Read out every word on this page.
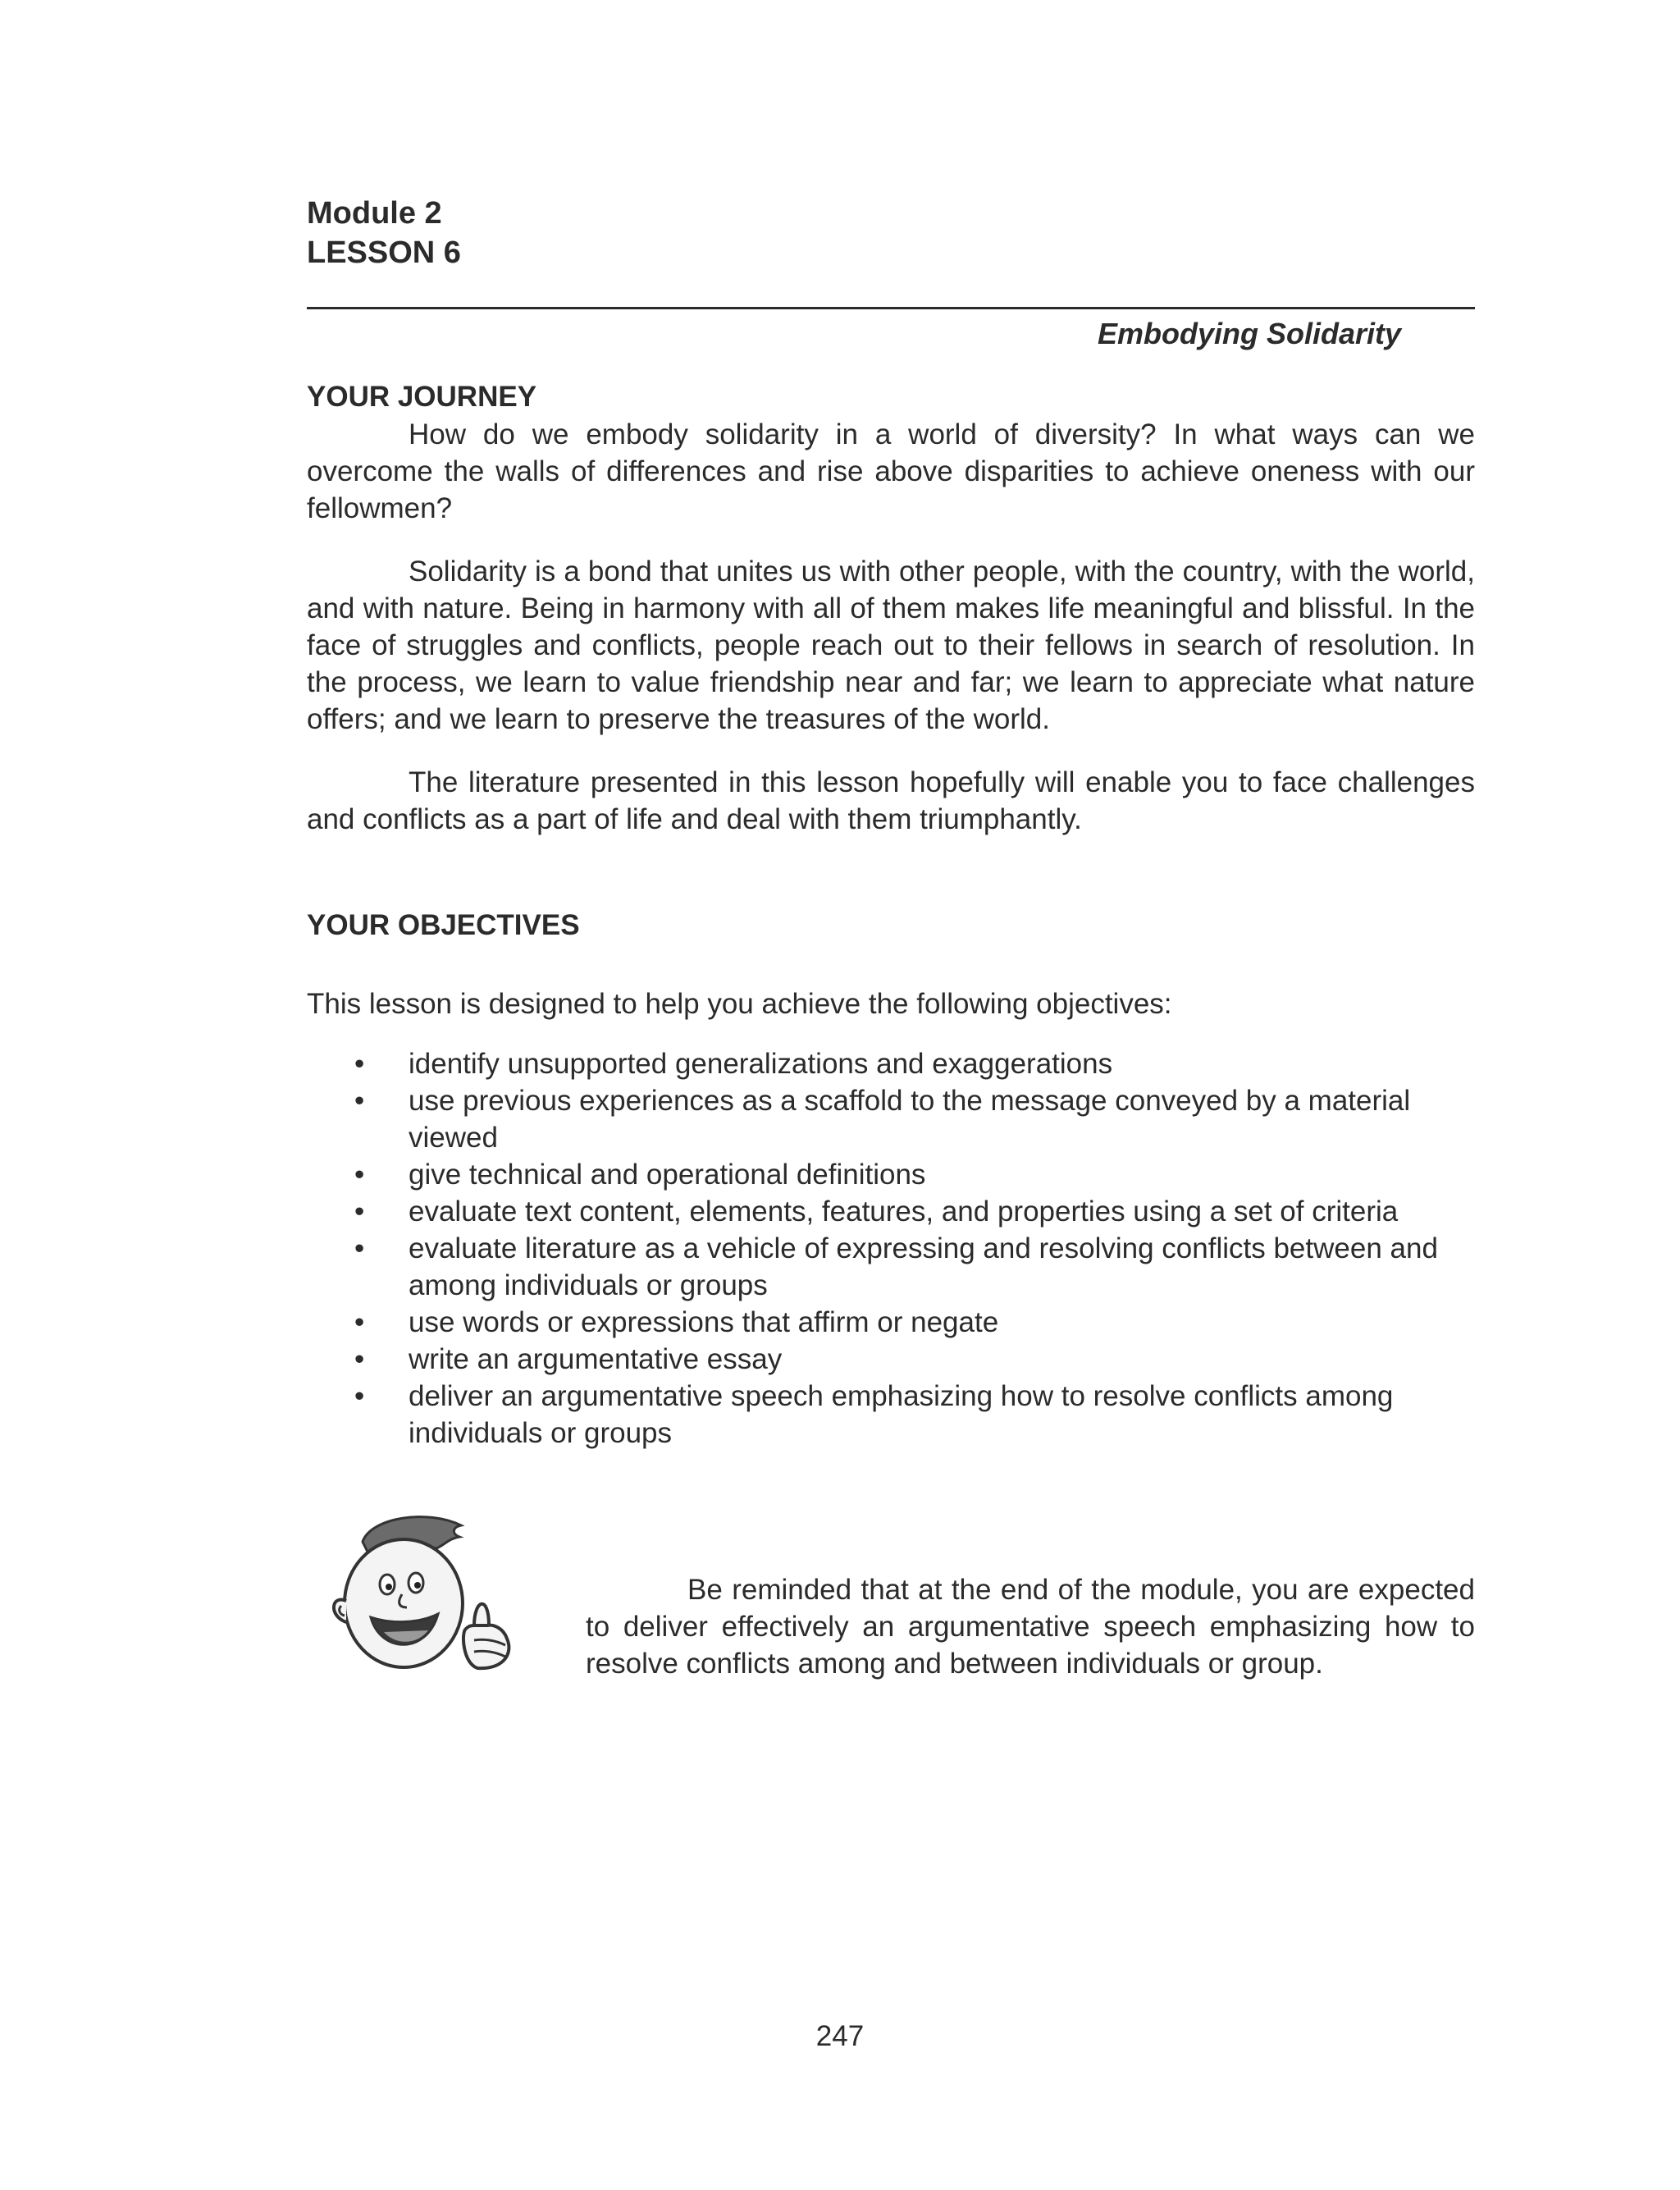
Module 2

LESSON 6

Embodying Solidarity

YOUR JOURNEY

How do we embody solidarity in a world of diversity? In what ways can we overcome the walls of differences and rise above disparities to achieve oneness with our fellowmen?

Solidarity is a bond that unites us with other people, with the country, with the world, and with nature. Being in harmony with all of them makes life meaningful and blissful. In the face of struggles and conflicts, people reach out to their fellows in search of resolution. In the process, we learn to value friendship near and far; we learn to appreciate what nature offers; and we learn to preserve the treasures of the world.

The literature presented in this lesson hopefully will enable you to face challenges and conflicts as a part of life and deal with them triumphantly.

YOUR OBJECTIVES

This lesson is designed to help you achieve the following objectives:

• identify unsupported generalizations and exaggerations
• use previous experiences as a scaffold to the message conveyed by a material viewed
• give technical and operational definitions
• evaluate text content, elements, features, and properties using a set of criteria
• evaluate literature as a vehicle of expressing and resolving conflicts between and among individuals or groups
• use words or expressions that affirm or negate
• write an argumentative essay
• deliver an argumentative speech emphasizing how to resolve conflicts among individuals or groups

Be reminded that at the end of the module, you are expected to deliver effectively an argumentative speech emphasizing how to resolve conflicts among and between individuals or group.

247
